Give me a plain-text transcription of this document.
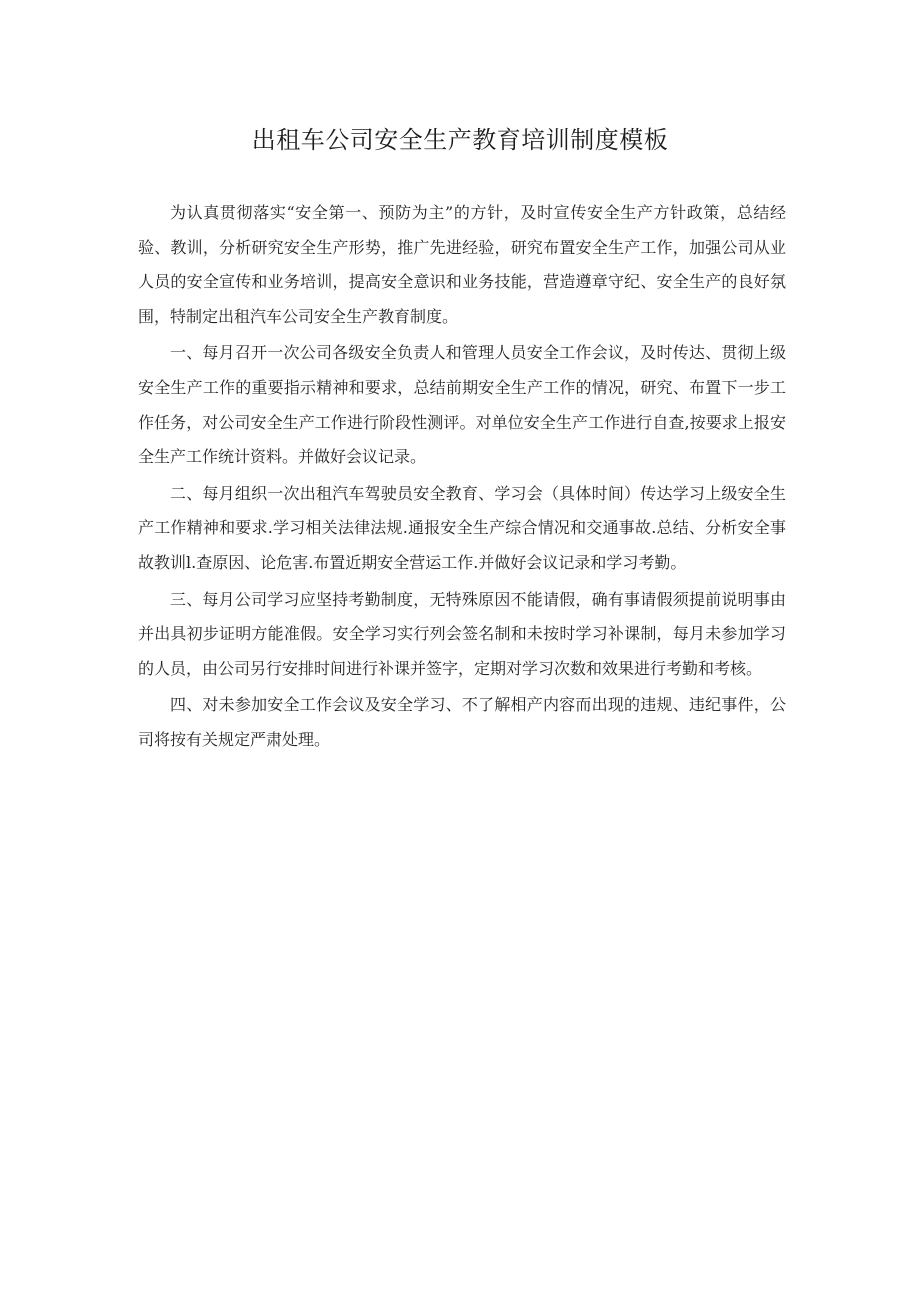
出租车公司安全生产教育培训制度模板

为认真贯彻落实“安全第一、预防为主”的方针，及时宣传安全生产方针政策，总结经验、教训，分析研究安全生产形势，推广先进经验，研究布置安全生产工作，加强公司从业人员的安全宣传和业务培训，提高安全意识和业务技能，营造遵章守纪、安全生产的良好氛围，特制定出租汽车公司安全生产教育制度。

一、每月召开一次公司各级安全负责人和管理人员安全工作会议，及时传达、贯彻上级安全生产工作的重要指示精神和要求，总结前期安全生产工作的情况，研究、布置下一步工作任务，对公司安全生产工作进行阶段性测评。对单位安全生产工作进行自查,按要求上报安全生产工作统计资料。并做好会议记录。

二、每月组织一次出租汽车驾驶员安全教育、学习会（具体时间）传达学习上级安全生产工作精神和要求.学习相关法律法规.通报安全生产综合情况和交通事故.总结、分析安全事故教训l.查原因、论危害.布置近期安全营运工作.并做好会议记录和学习考勤。

三、每月公司学习应坚持考勤制度，无特殊原因不能请假，确有事请假须提前说明事由并出具初步证明方能准假。安全学习实行列会签名制和未按时学习补课制，每月未参加学习的人员，由公司另行安排时间进行补课并签字，定期对学习次数和效果进行考勤和考核。

四、对未参加安全工作会议及安全学习、不了解相产内容而出现的违规、违纪事件，公司将按有关规定严肃处理。
